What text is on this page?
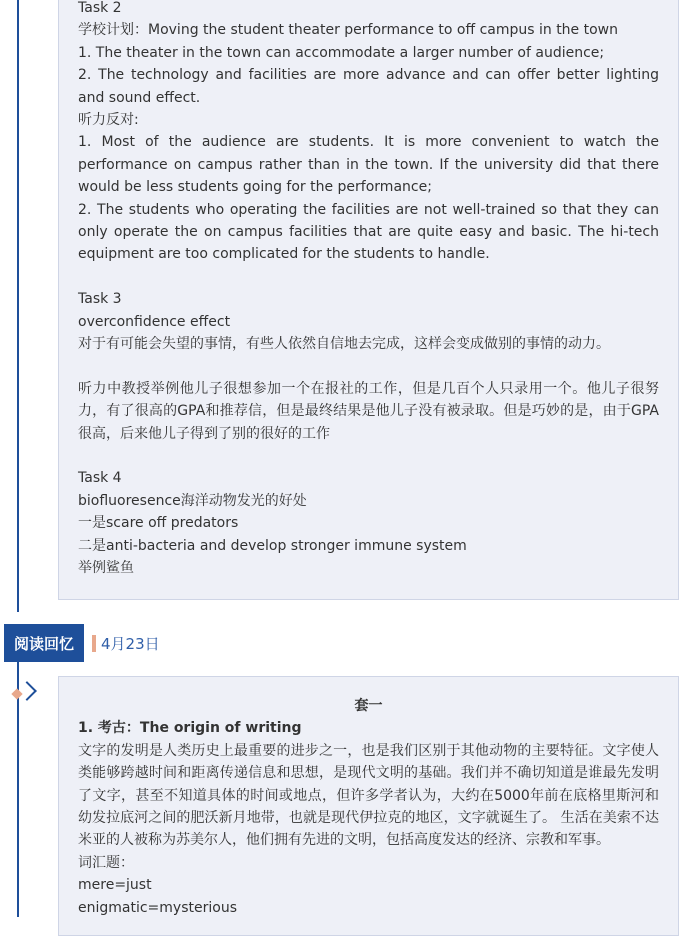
Task 2

学校计划：Moving the student theater performance to off campus in the town

1. The theater in the town can accommodate a larger number of audience;

2. The technology and facilities are more advance and can offer better lighting and sound effect.

听力反对:

1. Most of the audience are students. It is more convenient to watch the performance on campus rather than in the town. If the university did that there would be less students going for the performance;

2. The students who operating the facilities are not well-trained so that they can only operate the on campus facilities that are quite easy and basic. The hi-tech equipment are too complicated for the students to handle.

Task 3

overconfidence effect

对于有可能会失望的事情，有些人依然自信地去完成，这样会变成做别的事情的动力。

听力中教授举例他儿子很想参加一个在报社的工作，但是几百个人只录用一个。他儿子很努力，有了很高的GPA和推荐信，但是最终结果是他儿子没有被录取。但是巧妙的是，由于GPA很高，后来他儿子得到了别的很好的工作

Task 4

biofluoresence海洋动物发光的好处

一是scare off predators

二是anti-bacteria and develop stronger immune system

举例鲨鱼

阅读回忆	4月23日

套一

1. 考古：The origin of writing

文字的发明是人类历史上最重要的进步之一，也是我们区别于其他动物的主要特征。文字使人类能够跨越时间和距离传递信息和思想，是现代文明的基础。我们并不确切知道是谁最先发明了文字，甚至不知道具体的时间或地点，但许多学者认为，大约在5000年前在底格里斯河和幼发拉底河之间的肥沃新月地带，也就是现代伊拉克的地区，文字就诞生了。 生活在美索不达米亚的人被称为苏美尔人，他们拥有先进的文明，包括高度发达的经济、宗教和军事。

词汇题：

mere=just

enigmatic=mysterious
